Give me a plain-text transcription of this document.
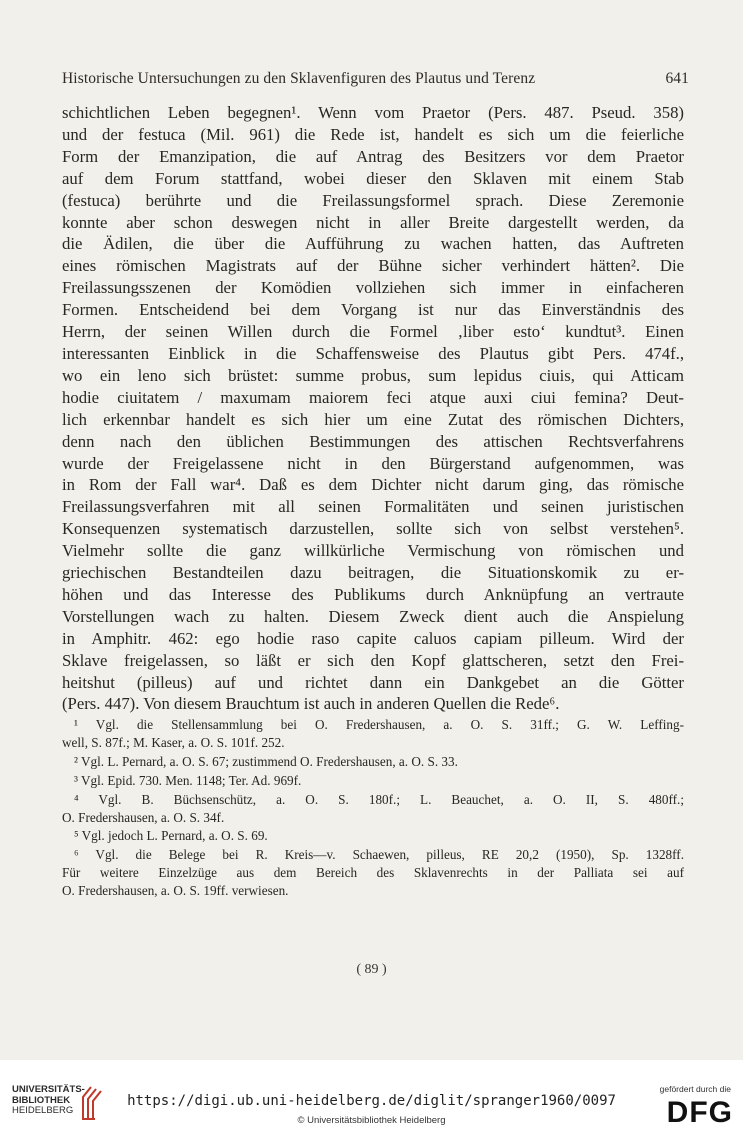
Historische Untersuchungen zu den Sklavenfiguren des Plautus und Terenz	641
schichtlichen Leben begegnen¹. Wenn vom Praetor (Pers. 487. Pseud. 358)
und der festuca (Mil. 961) die Rede ist, handelt es sich um die feierliche
Form der Emanzipation, die auf Antrag des Besitzers vor dem Praetor
auf dem Forum stattfand, wobei dieser den Sklaven mit einem Stab
(festuca) berührte und die Freilassungsformel sprach. Diese Zeremonie
konnte aber schon deswegen nicht in aller Breite dargestellt werden, da
die Ädilen, die über die Aufführung zu wachen hatten, das Auftreten
eines römischen Magistrats auf der Bühne sicher verhindert hätten². Die
Freilassungsszenen der Komödien vollziehen sich immer in einfacheren
Formen. Entscheidend bei dem Vorgang ist nur das Einverständnis des
Herrn, der seinen Willen durch die Formel ‚liber esto‘ kundtut³. Einen
interessanten Einblick in die Schaffensweise des Plautus gibt Pers. 474f.,
wo ein leno sich brüstet: summe probus, sum lepidus ciuis, qui Atticam
hodie ciuitatem / maxumam maiorem feci atque auxi ciui femina? Deut-
lich erkennbar handelt es sich hier um eine Zutat des römischen Dichters,
denn nach den üblichen Bestimmungen des attischen Rechtsverfahrens
wurde der Freigelassene nicht in den Bürgerstand aufgenommen, was
in Rom der Fall war⁴. Daß es dem Dichter nicht darum ging, das römische
Freilassungsverfahren mit all seinen Formalitäten und seinen juristischen
Konsequenzen systematisch darzustellen, sollte sich von selbst verstehen⁵.
Vielmehr sollte die ganz willkürliche Vermischung von römischen und
griechischen Bestandteilen dazu beitragen, die Situationskomik zu er-
höhen und das Interesse des Publikums durch Anknüpfung an vertraute
Vorstellungen wach zu halten. Diesem Zweck dient auch die Anspielung
in Amphitr. 462: ego hodie raso capite caluos capiam pilleum. Wird der
Sklave freigelassen, so läßt er sich den Kopf glattscheren, setzt den Frei-
heitshut (pilleus) auf und richtet dann ein Dankgebet an die Götter
(Pers. 447). Von diesem Brauchtum ist auch in anderen Quellen die Rede⁶.
¹ Vgl. die Stellensammlung bei O. Fredershausen, a. O. S. 31ff.; G. W. Leffing-
well, S. 87f.; M. Kaser, a. O. S. 101f. 252.
² Vgl. L. Pernard, a. O. S. 67; zustimmend O. Fredershausen, a. O. S. 33.
³ Vgl. Epid. 730. Men. 1148; Ter. Ad. 969f.
⁴ Vgl. B. Büchsenschütz, a. O. S. 180f.; L. Beauchet, a. O. II, S. 480ff.;
O. Fredershausen, a. O. S. 34f.
⁵ Vgl. jedoch L. Pernard, a. O. S. 69.
⁶ Vgl. die Belege bei R. Kreis—v. Schaewen, pilleus, RE 20,2 (1950), Sp. 1328ff.
Für weitere Einzelzüge aus dem Bereich des Sklavenrechts in der Palliata sei auf
O. Fredershausen, a. O. S. 19ff. verwiesen.
( 89 )
UNIVERSITÄTS-
BIBLIOTHEK
HEIDELBERG
https://digi.ub.uni-heidelberg.de/diglit/spranger1960/0097
© Universitätsbibliothek Heidelberg
gefördert durch die
DFG
